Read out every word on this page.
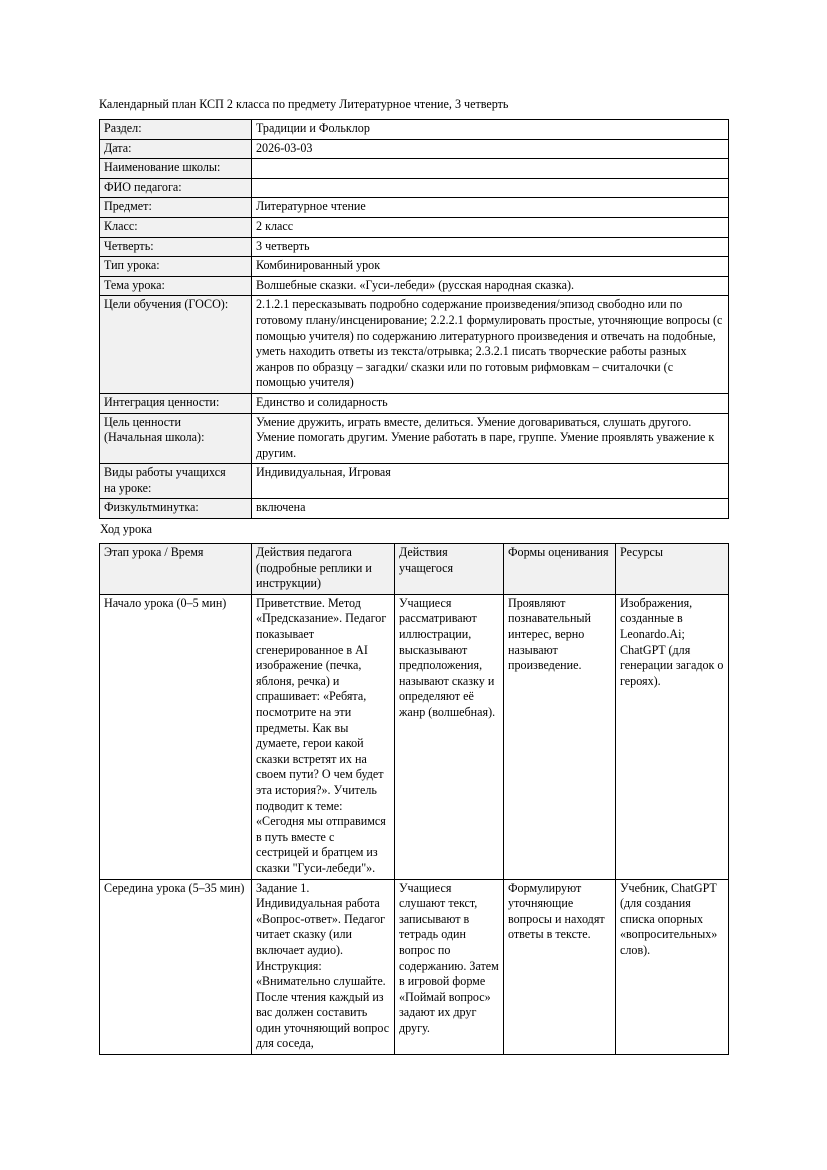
Календарный план КСП 2 класса по предмету Литературное чтение, 3 четверть

Раздел:	Традиции и Фольклор
Дата:	2026-03-03
Наименование школы:	
ФИО педагога:	
Предмет:	Литературное чтение
Класс:	2 класс
Четверть:	3 четверть
Тип урока:	Комбинированный урок
Тема урока:	Волшебные сказки. «Гуси-лебеди» (русская народная сказка).
Цели обучения (ГОСО):	2.1.2.1 пересказывать подробно содержание произведения/эпизод свободно или по готовому плану/инсценирование; 2.2.2.1 формулировать простые, уточняющие вопросы (с помощью учителя) по содержанию литературного произведения и отвечать на подобные, уметь находить ответы из текста/отрывка; 2.3.2.1 писать творческие работы разных жанров по образцу – загадки/ сказки или по готовым рифмовкам – считалочки (с помощью учителя)
Интеграция ценности:	Единство и солидарность

Цель ценности
(Начальная школа):	Умение дружить, играть вместе, делиться. Умение договариваться, слушать другого. Умение помогать другим. Умение работать в паре, группе. Умение проявлять уважение к другим.

Виды работы учащихся
на уроке:	Индивидуальная, Игровая
Физкультминутка:	включена

Ход урока

Этап урока / Время	Действия педагога (подробные реплики и инструкции)	Действия учащегося	Формы оценивания	Ресурсы
Начало урока (0–5 мин)	Приветствие. Метод «Предсказание». Педагог показывает сгенерированное в AI изображение (печка, яблоня, речка) и спрашивает: «Ребята, посмотрите на эти предметы. Как вы думаете, герои какой сказки встретят их на своем пути? О чем будет эта история?». Учитель подводит к теме: «Сегодня мы отправимся в путь вместе с сестрицей и братцем из сказки "Гуси-лебеди"».	Учащиеся рассматривают иллюстрации, высказывают предположения, называют сказку и определяют её жанр (волшебная).	Проявляют познавательный интерес, верно называют произведение.	Изображения, созданные в Leonardo.Ai; ChatGPT (для генерации загадок о героях).
Середина урока (5–35 мин)	Задание 1. Индивидуальная работа «Вопрос-ответ». Педагог читает сказку (или включает аудио). Инструкция: «Внимательно слушайте. После чтения каждый из вас должен составить один уточняющий вопрос для соседа,	Учащиеся слушают текст, записывают в тетрадь один вопрос по содержанию. Затем в игровой форме «Поймай вопрос» задают их друг другу.	Формулируют уточняющие вопросы и находят ответы в тексте.	Учебник, ChatGPT (для создания списка опорных «вопросительных» слов).
